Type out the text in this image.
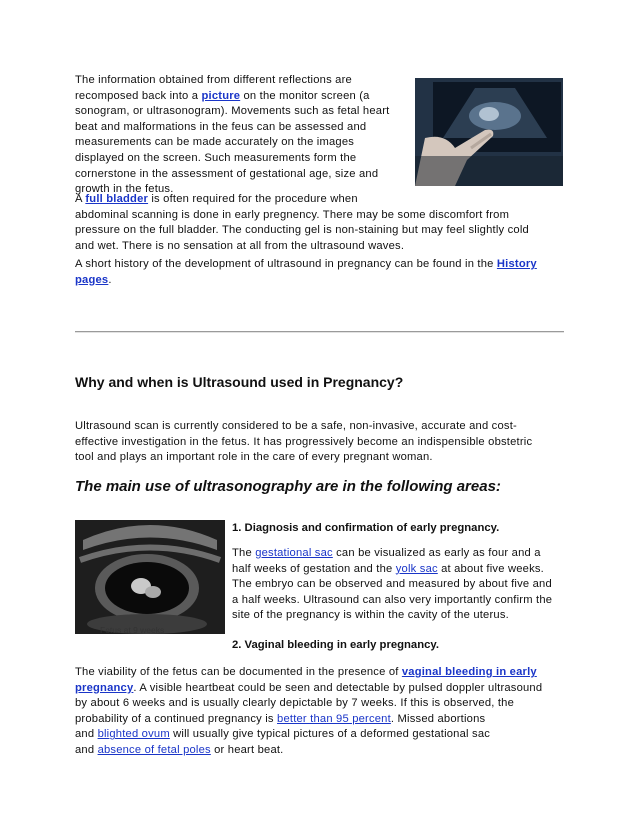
The information obtained from different reflections are
recomposed back into a picture on the monitor screen (a
sonogram, or ultrasonogram). Movements such as fetal heart
beat and malformations in the feus can be assessed and
measurements can be made accurately on the images
displayed on the screen. Such measurements form the
cornerstone in the assessment of gestational age, size and
growth in the fetus.
A full bladder is often required for the procedure when
abdominal scanning is done in early pregnency. There may be some discomfort from
pressure on the full bladder. The conducting gel is non-staining but may feel slightly cold
and wet. There is no sensation at all from the ultrasound waves.
A short history of the development of ultrasound in pregnancy can be found in the History
pages.
Why and when is Ultrasound used in Pregnancy?
Ultrasound scan is currently considered to be a safe, non-invasive, accurate and cost-
effective investigation in the fetus. It has progressively become an indispensible obstetric
tool and plays an important role in the care of every pregnant woman.
The main use of ultrasonography are in the following areas:
Fetus at 9 weeks
1. Diagnosis and confirmation of early pregnancy.
The gestational sac can be visualized as early as four and a
half weeks of gestation and the yolk sac at about five weeks.
The embryo can be observed and measured by about five and
a half weeks. Ultrasound can also very importantly confirm the
site of the pregnancy is within the cavity of the uterus.
2. Vaginal bleeding in early pregnancy.
The viability of the fetus can be documented in the presence of vaginal bleeding in early
pregnancy. A visible heartbeat could be seen and detectable by pulsed doppler ultrasound
by about 6 weeks and is usually clearly depictable by 7 weeks. If this is observed, the
probability of a continued pregnancy is better than 95 percent. Missed abortions
and blighted ovum will usually give typical pictures of a deformed gestational sac
and absence of fetal poles or heart beat.
